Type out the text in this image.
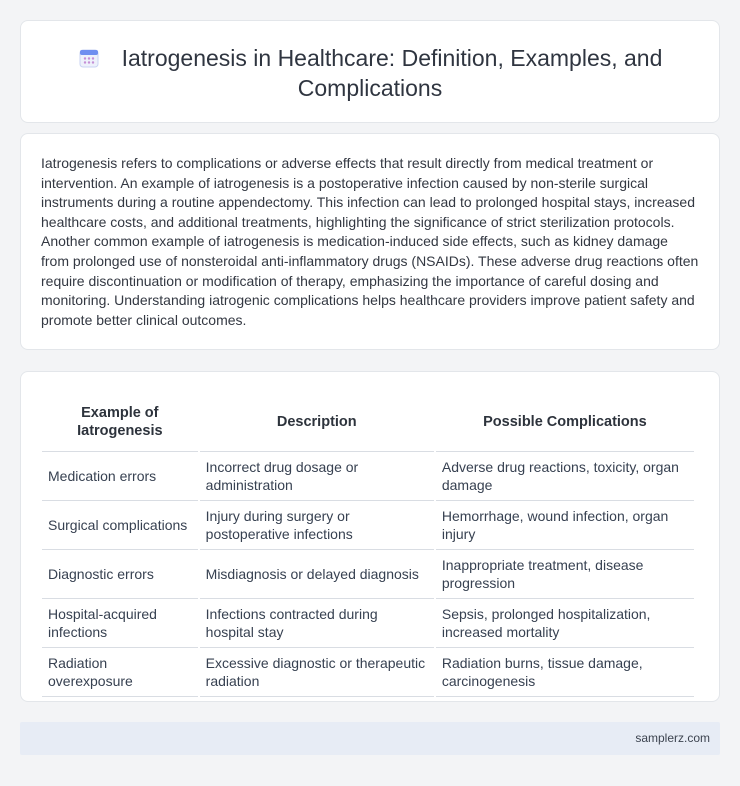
Iatrogenesis in Healthcare: Definition, Examples, and Complications

Iatrogenesis refers to complications or adverse effects that result directly from medical treatment or intervention. An example of iatrogenesis is a postoperative infection caused by non-sterile surgical instruments during a routine appendectomy. This infection can lead to prolonged hospital stays, increased healthcare costs, and additional treatments, highlighting the significance of strict sterilization protocols. Another common example of iatrogenesis is medication-induced side effects, such as kidney damage from prolonged use of nonsteroidal anti-inflammatory drugs (NSAIDs). These adverse drug reactions often require discontinuation or modification of therapy, emphasizing the importance of careful dosing and monitoring. Understanding iatrogenic complications helps healthcare providers improve patient safety and promote better clinical outcomes.

Example of Iatrogenesis	Description	Possible Complications
Medication errors	Incorrect drug dosage or administration	Adverse drug reactions, toxicity, organ damage
Surgical complications	Injury during surgery or postoperative infections	Hemorrhage, wound infection, organ injury
Diagnostic errors	Misdiagnosis or delayed diagnosis	Inappropriate treatment, disease progression
Hospital-acquired infections	Infections contracted during hospital stay	Sepsis, prolonged hospitalization, increased mortality
Radiation overexposure	Excessive diagnostic or therapeutic radiation	Radiation burns, tissue damage, carcinogenesis
samplerz.com
